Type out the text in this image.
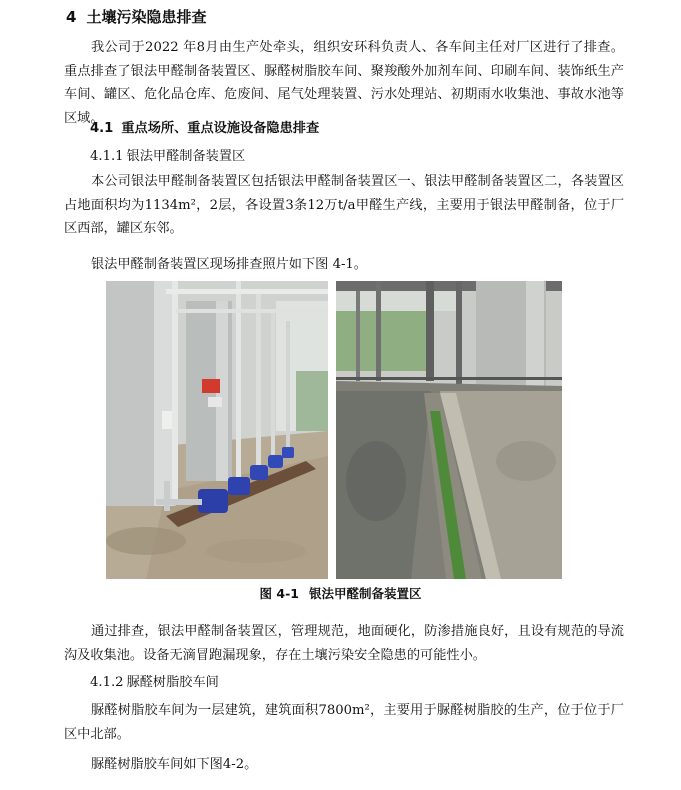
4 土壤污染隐患排查
我公司于2022 年8月由生产处牵头，组织安环科负责人、各车间主任对厂区进行了排查。重点排查了银法甲醛制备装置区、脲醛树脂胶车间、聚羧酸外加剂车间、印刷车间、装饰纸生产车间、罐区、危化品仓库、危废间、尾气处理装置、污水处理站、初期雨水收集池、事故水池等区域。
4.1 重点场所、重点设施设备隐患排查
4.1.1 银法甲醛制备装置区
本公司银法甲醛制备装置区包括银法甲醛制备装置区一、银法甲醛制备装置区二，各装置区占地面积均为1134m²，2层，各设置3条12万t/a甲醛生产线，主要用于银法甲醛制备，位于厂区西部，罐区东邻。
银法甲醛制备装置区现场排查照片如下图 4-1。
图 4-1 银法甲醛制备装置区
通过排查，银法甲醛制备装置区，管理规范，地面硬化，防渗措施良好，且设有规范的导流沟及收集池。设备无滴冒跑漏现象，存在土壤污染安全隐患的可能性小。
4.1.2 脲醛树脂胶车间
脲醛树脂胶车间为一层建筑，建筑面积7800m²，主要用于脲醛树脂胶的生产，位于位于厂区中北部。
脲醛树脂胶车间如下图4-2。
